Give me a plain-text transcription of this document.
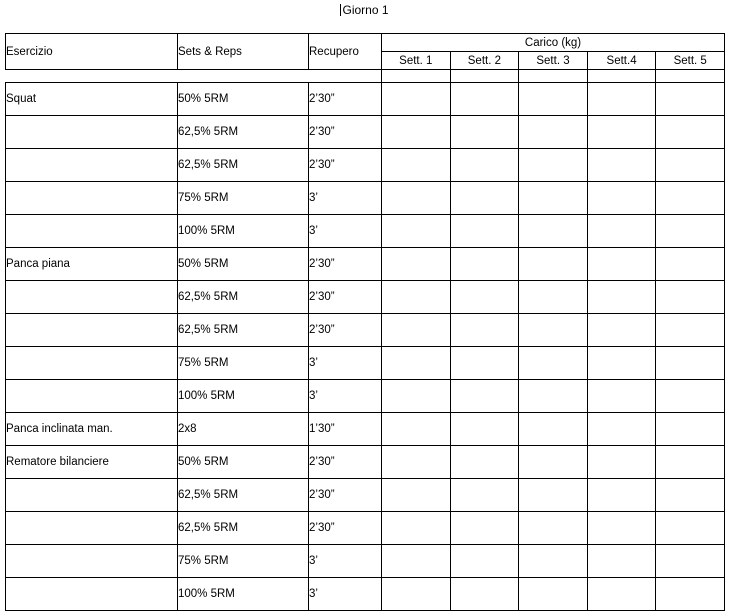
Giorno 1
Esercizio	Sets & Reps	Recupero	Carico (kg)				
			Sett. 1	Sett. 2	Sett. 3	Sett.4	Sett. 5

Squat	50% 5RM	2’30”					
	62,5% 5RM	2’30”					
	62,5% 5RM	2’30”					
	75% 5RM	3’					
	100% 5RM	3’					
Panca piana	50% 5RM	2’30”					
	62,5% 5RM	2’30”					
	62,5% 5RM	2’30”					
	75% 5RM	3’					
	100% 5RM	3’					
Panca inclinata man.	2x8	1’30”					
Rematore bilanciere	50% 5RM	2’30”					
	62,5% 5RM	2’30”					
	62,5% 5RM	2’30”					
	75% 5RM	3’					
	100% 5RM	3’					
